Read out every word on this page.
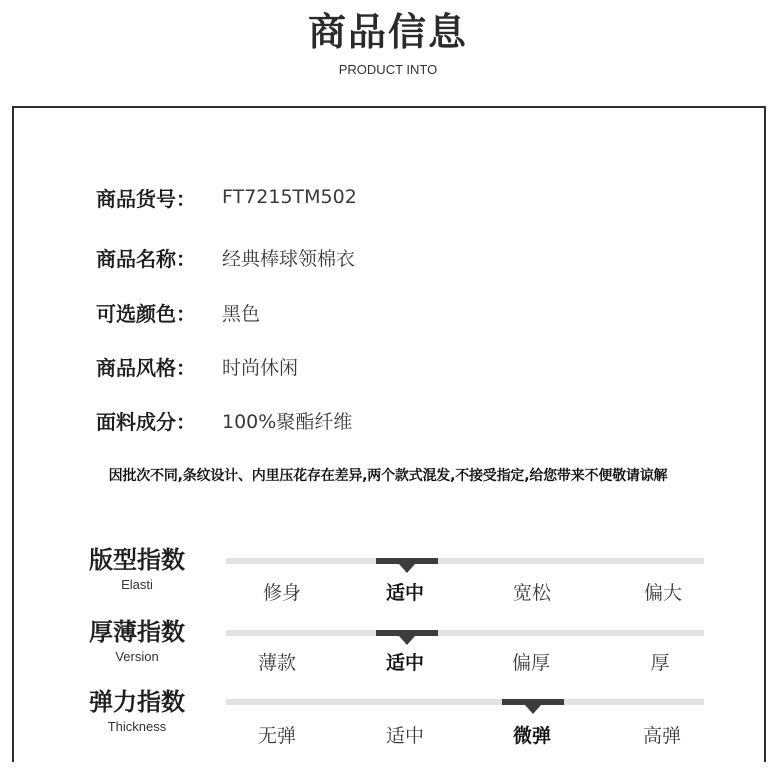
商品信息
PRODUCT INTO
商品货号：	FT7215TM502
商品名称：	经典棒球领棉衣
可选颜色：	黑色
商品风格：	时尚休闲
面料成分：	100%聚酯纤维
因批次不同,条纹设计、内里压花存在差异,两个款式混发,不接受指定,给您带来不便敬请谅解
版型指数
Elasti	修身	适中	宽松	偏大
厚薄指数
Version	薄款	适中	偏厚	厚
弹力指数
Thickness	无弹	适中	微弹	高弹
